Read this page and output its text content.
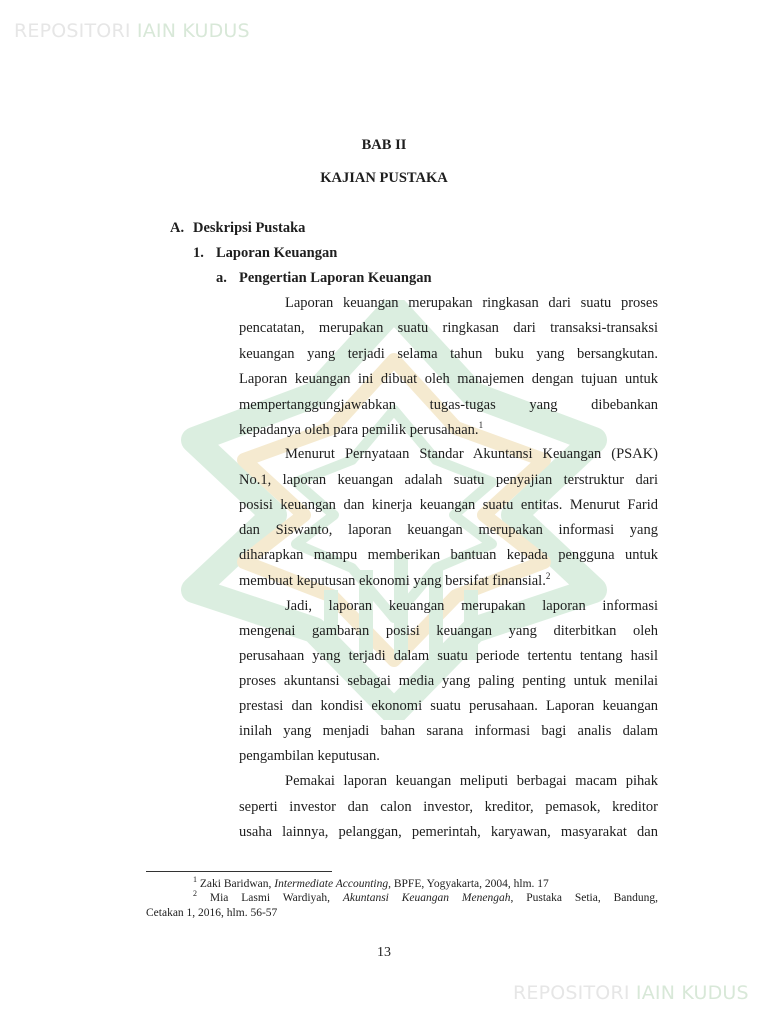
REPOSITORI IAIN KUDUS
REPOSITORI IAIN KUDUS
BAB II
KAJIAN PUSTAKA
A. Deskripsi Pustaka
1. Laporan Keuangan
a. Pengertian Laporan Keuangan
Laporan keuangan merupakan ringkasan dari suatu proses
pencatatan, merupakan suatu ringkasan dari transaksi-transaksi
keuangan yang terjadi selama tahun buku yang bersangkutan.
Laporan keuangan ini dibuat oleh manajemen dengan tujuan untuk
mempertanggungjawabkan tugas-tugas yang dibebankan
kepadanya oleh para pemilik perusahaan.$^1$
Menurut Pernyataan Standar Akuntansi Keuangan (PSAK)
No.1, laporan keuangan adalah suatu penyajian terstruktur dari
posisi keuangan dan kinerja keuangan suatu entitas. Menurut Farid
dan Siswanto, laporan keuangan merupakan informasi yang
diharapkan mampu memberikan bantuan kepada pengguna untuk
membuat keputusan ekonomi yang bersifat finansial.$^2$
Jadi, laporan keuangan merupakan laporan informasi
mengenai gambaran posisi keuangan yang diterbitkan oleh
perusahaan yang terjadi dalam suatu periode tertentu tentang hasil
proses akuntansi sebagai media yang paling penting untuk menilai
prestasi dan kondisi ekonomi suatu perusahaan. Laporan keuangan
inilah yang menjadi bahan sarana informasi bagi analis dalam
pengambilan keputusan.
Pemakai laporan keuangan meliputi berbagai macam pihak
seperti investor dan calon investor, kreditor, pemasok, kreditor
usaha lainnya, pelanggan, pemerintah, karyawan, masyarakat dan
$^1$ Zaki Baridwan, Intermediate Accounting, BPFE, Yogyakarta, 2004, hlm. 17
$^2$ Mia Lasmi Wardiyah, Akuntansi Keuangan Menengah, Pustaka Setia, Bandung,
Cetakan 1, 2016, hlm. 56-57
13
